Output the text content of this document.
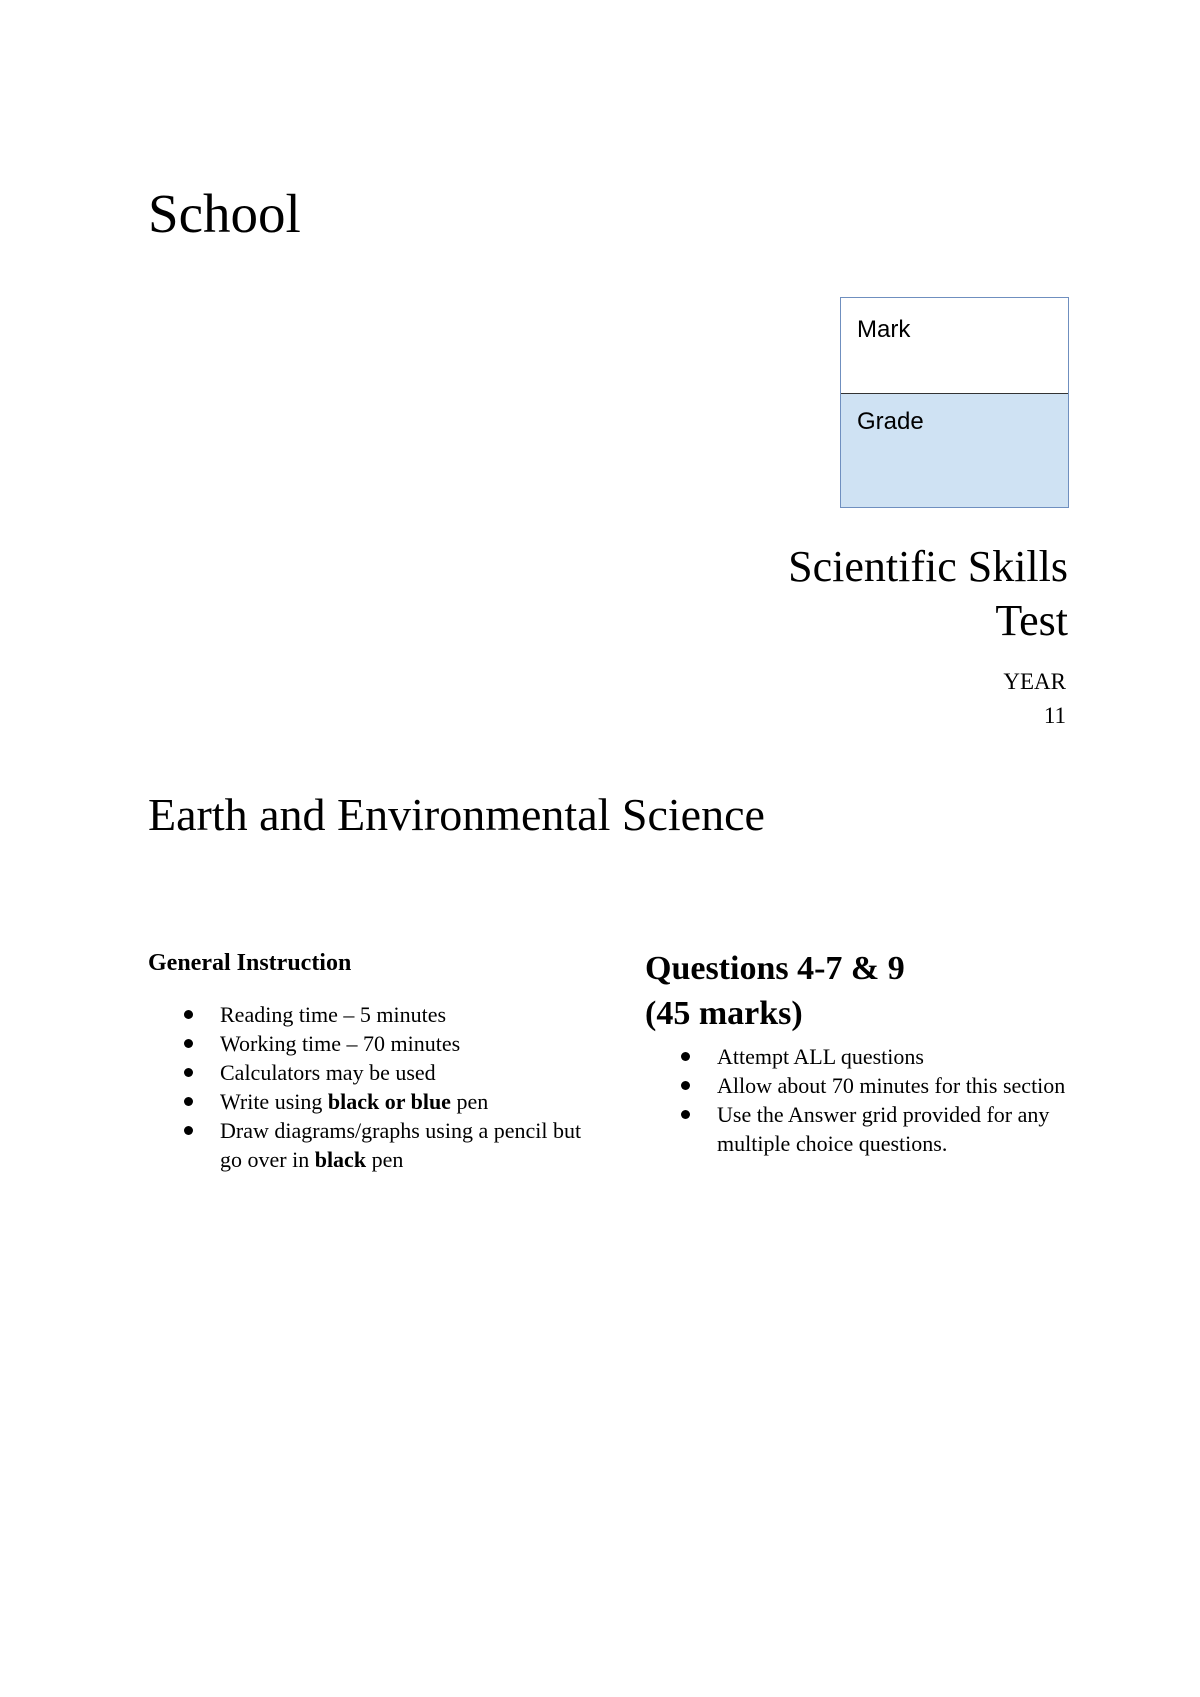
School
Mark
Grade
Scientific Skills
Test
YEAR
11
Earth and Environmental Science
General Instruction
Reading time – 5 minutes
Working time – 70 minutes
Calculators may be used
Write using black or blue pen
Draw diagrams/graphs using a pencil but go over in black pen
Questions 4-7 & 9
(45 marks)
Attempt ALL questions
Allow about 70 minutes for this section
Use the Answer grid provided for any multiple choice questions.
